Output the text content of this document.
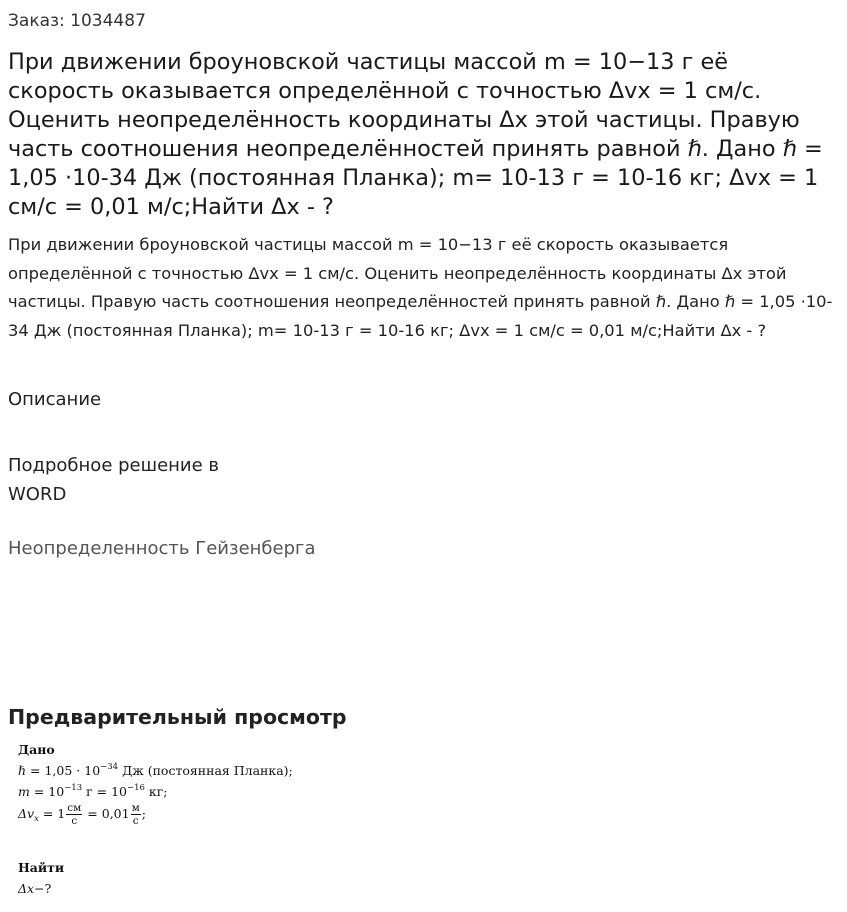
Заказ: 1034487
При движении броуновской частицы массой m = 10−13 г её скорость оказывается определённой с точностью Δvx = 1 см/с. Оценить неопределённость координаты Δx этой частицы. Правую часть соотношения неопределённостей принять равной ℏ. Дано ℏ = 1,05 ·10-34 Дж (постоянная Планка); m= 10-13 г = 10-16 кг; Δvx = 1 см/с = 0,01 м/с;Найти Δx - ?

При движении броуновской частицы массой m = 10−13 г её скорость оказывается определённой с точностью Δvx = 1 см/с. Оценить неопределённость координаты Δx этой частицы. Правую часть соотношения неопределённостей принять равной ℏ. Дано ℏ = 1,05 ·10-34 Дж (постоянная Планка); m= 10-13 г = 10-16 кг; Δvx = 1 см/с = 0,01 м/с;Найти Δx - ?

Описание
Подробное решение в
WORD
Неопределенность Гейзенберга
Предварительный просмотр
Дано
ℏ = $1,05 \cdot 10^{-34}$ Дж (постоянная Планка);
$m = 10^{-13}$ $г = 10^{-16}$ кг;
$\Delta v_x = 1 \frac{см}{с} = 0,01 \frac{м}{с}$ ;
Найти
Δx−?
